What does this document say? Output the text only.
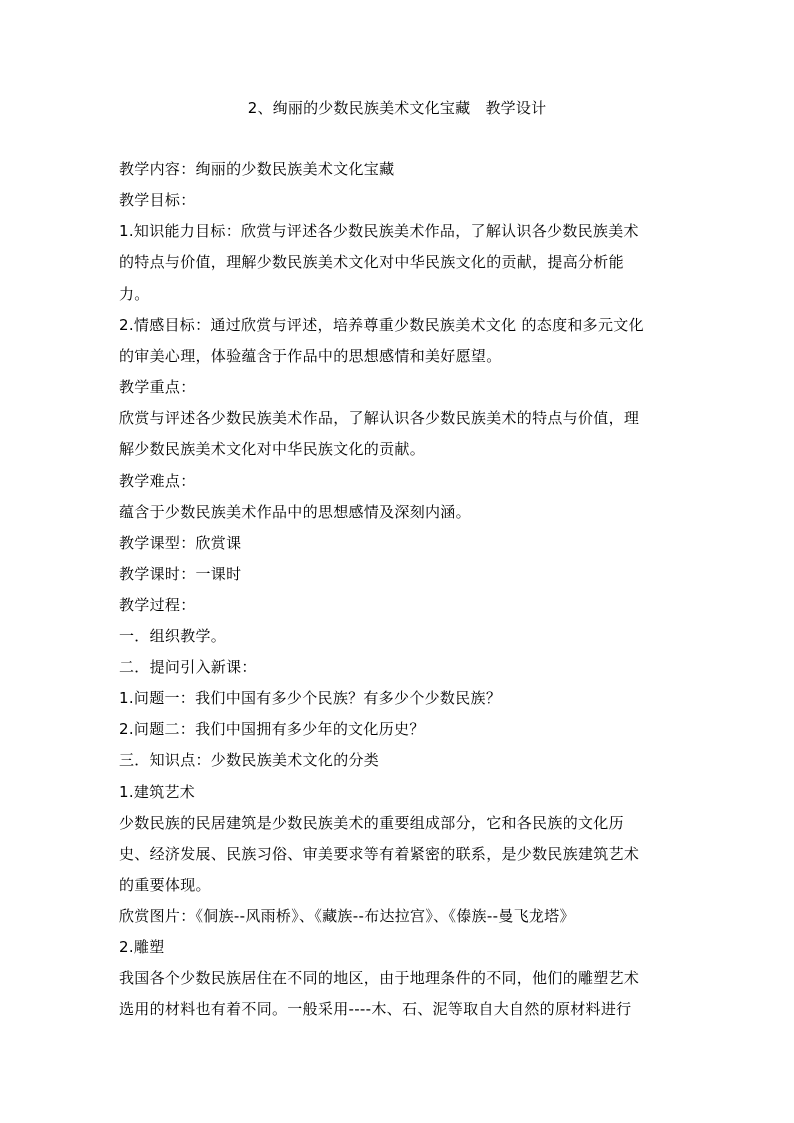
2、绚丽的少数民族美术文化宝藏　教学设计
教学内容：绚丽的少数民族美术文化宝藏
教学目标：
1.知识能力目标：欣赏与评述各少数民族美术作品，了解认识各少数民族美术
的特点与价值，理解少数民族美术文化对中华民族文化的贡献，提高分析能
力。
2.情感目标：通过欣赏与评述，培养尊重少数民族美术文化 的态度和多元文化
的审美心理，体验蕴含于作品中的思想感情和美好愿望。
教学重点：
欣赏与评述各少数民族美术作品，了解认识各少数民族美术的特点与价值，理
解少数民族美术文化对中华民族文化的贡献。
教学难点：
蕴含于少数民族美术作品中的思想感情及深刻内涵。
教学课型：欣赏课
教学课时：一课时
教学过程：
一．组织教学。
二．提问引入新课：
1.问题一：我们中国有多少个民族？有多少个少数民族？
2.问题二：我们中国拥有多少年的文化历史？
三．知识点：少数民族美术文化的分类
1.建筑艺术
少数民族的民居建筑是少数民族美术的重要组成部分，它和各民族的文化历
史、经济发展、民族习俗、审美要求等有着紧密的联系，是少数民族建筑艺术
的重要体现。
欣赏图片：《侗族--风雨桥》、《藏族--布达拉宫》、《傣族--曼飞龙塔》
2.雕塑
我国各个少数民族居住在不同的地区，由于地理条件的不同，他们的雕塑艺术
选用的材料也有着不同。一般采用----木、石、泥等取自大自然的原材料进行
